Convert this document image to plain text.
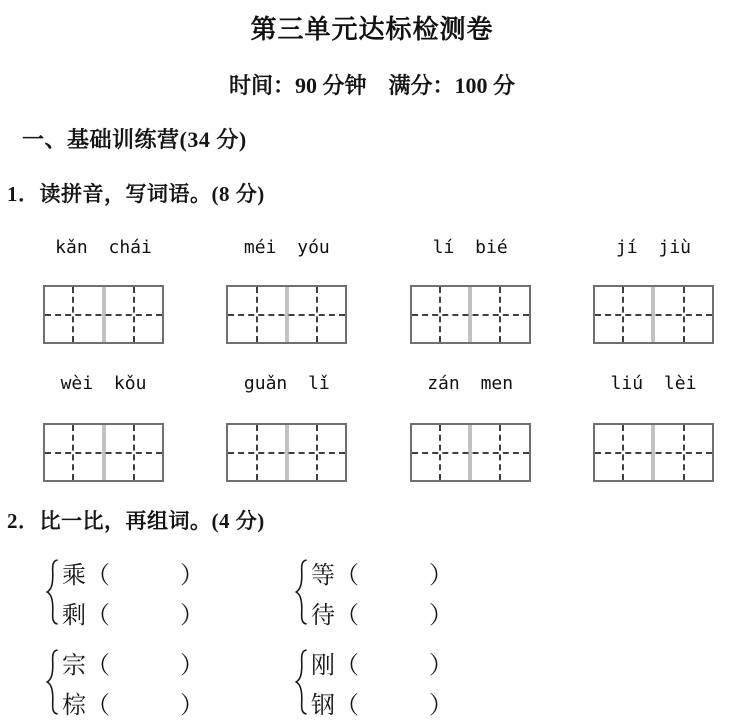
第三单元达标检测卷
时间：90 分钟　满分：100 分
一、基础训练营(34 分)
1．读拼音，写词语。(8 分)
kǎn chái	méi yóu	lí bié	jí jiù
wèi kǒu	guǎn lǐ	zán men	liú lèi
2．比一比，再组词。(4 分)
乘 （	）
剩 （	）
等 （	）
待 （	）
宗 （	）
棕 （	）
刚 （	）
钢 （	）
